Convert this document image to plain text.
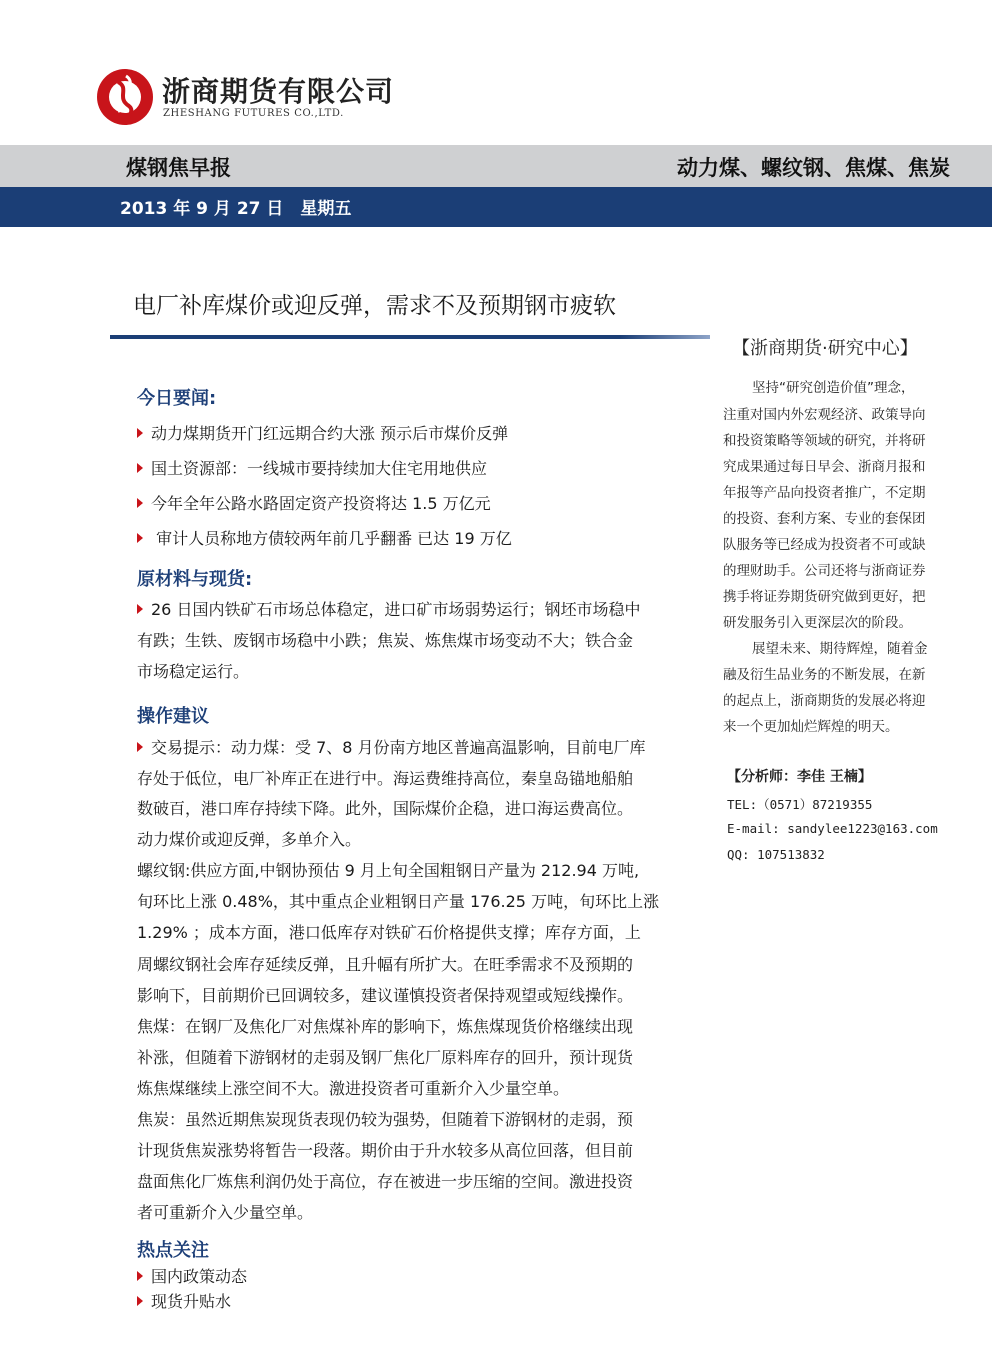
浙商期货有限公司
ZHESHANG FUTURES CO.,LTD.
煤钢焦早报	动力煤、螺纹钢、焦煤、焦炭
2013 年 9 月 27 日　星期五
电厂补库煤价或迎反弹，需求不及预期钢市疲软
今日要闻:
动力煤期货开门红远期合约大涨 预示后市煤价反弹
国土资源部：一线城市要持续加大住宅用地供应
今年全年公路水路固定资产投资将达 1.5 万亿元
审计人员称地方债较两年前几乎翻番 已达 19 万亿
原材料与现货:
26 日国内铁矿石市场总体稳定，进口矿市场弱势运行；钢坯市场稳中
有跌；生铁、废钢市场稳中小跌；焦炭、炼焦煤市场变动不大；铁合金
市场稳定运行。
操作建议
交易提示：动力煤：受 7、8 月份南方地区普遍高温影响，目前电厂库
存处于低位，电厂补库正在进行中。海运费维持高位，秦皇岛锚地船舶
数破百，港口库存持续下降。此外，国际煤价企稳，进口海运费高位。
动力煤价或迎反弹，多单介入。
螺纹钢:供应方面,中钢协预估 9 月上旬全国粗钢日产量为 212.94 万吨,
旬环比上涨 0.48%，其中重点企业粗钢日产量 176.25 万吨，旬环比上涨
1.29% ；成本方面，港口低库存对铁矿石价格提供支撑；库存方面，上
周螺纹钢社会库存延续反弹，且升幅有所扩大。在旺季需求不及预期的
影响下，目前期价已回调较多，建议谨慎投资者保持观望或短线操作。
焦煤：在钢厂及焦化厂对焦煤补库的影响下，炼焦煤现货价格继续出现
补涨，但随着下游钢材的走弱及钢厂焦化厂原料库存的回升，预计现货
炼焦煤继续上涨空间不大。激进投资者可重新介入少量空单。
焦炭：虽然近期焦炭现货表现仍较为强势，但随着下游钢材的走弱，预
计现货焦炭涨势将暂告一段落。期价由于升水较多从高位回落，但目前
盘面焦化厂炼焦利润仍处于高位，存在被进一步压缩的空间。激进投资
者可重新介入少量空单。
热点关注
国内政策动态
现货升贴水
【浙商期货·研究中心】
坚持“研究创造价值”理念，
注重对国内外宏观经济、政策导向
和投资策略等领域的研究，并将研
究成果通过每日早会、浙商月报和
年报等产品向投资者推广，不定期
的投资、套利方案、专业的套保团
队服务等已经成为投资者不可或缺
的理财助手。公司还将与浙商证券
携手将证券期货研究做到更好，把
研发服务引入更深层次的阶段。
展望未来、期待辉煌，随着金
融及衍生品业务的不断发展，在新
的起点上，浙商期货的发展必将迎
来一个更加灿烂辉煌的明天。
【分析师：李佳 王楠】
TEL:（0571）87219355
E-mail: sandylee1223@163.com
QQ: 107513832
